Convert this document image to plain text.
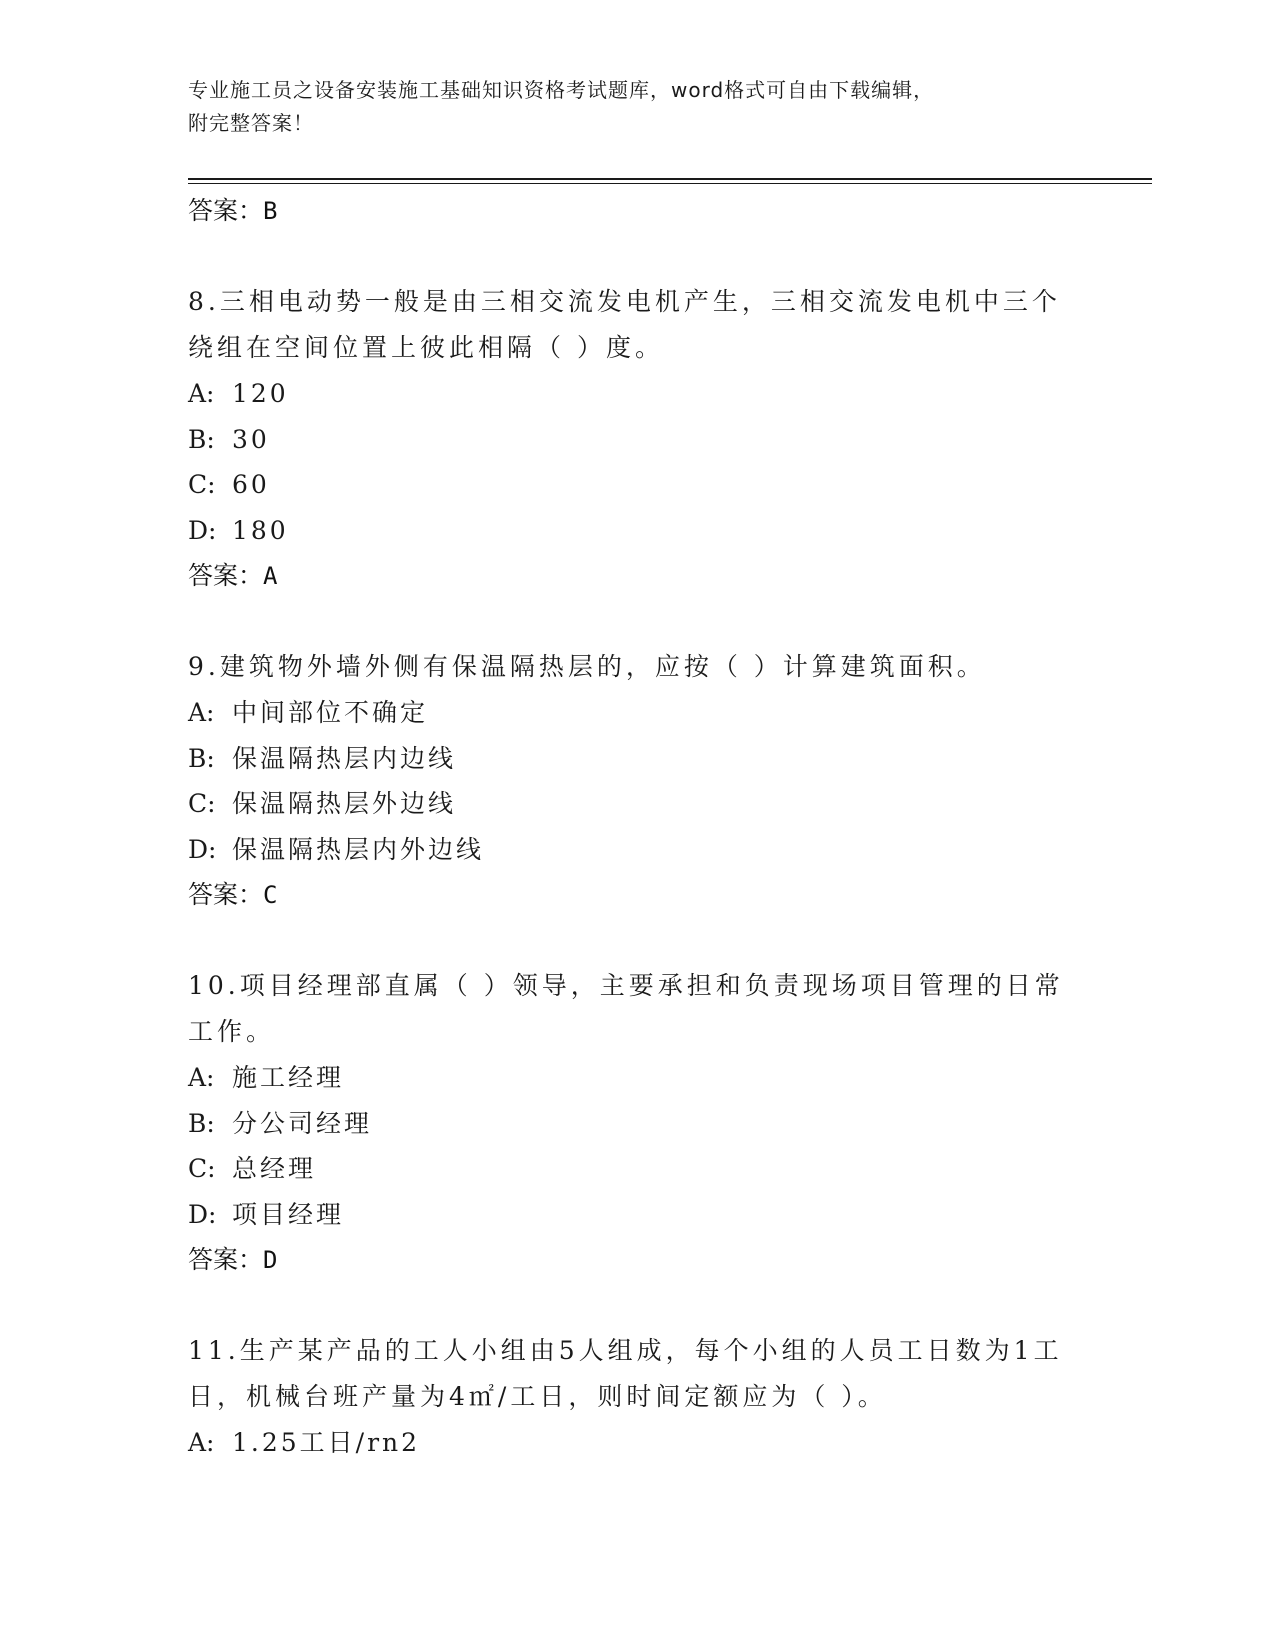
专业施工员之设备安装施工基础知识资格考试题库，word格式可自由下载编辑，
附完整答案！
答案：B
8.三相电动势一般是由三相交流发电机产生，三相交流发电机中三个
绕组在空间位置上彼此相隔（ ）度。
A: 120
B: 30
C: 60
D: 180
答案：A
9.建筑物外墙外侧有保温隔热层的，应按（ ）计算建筑面积。
A: 中间部位不确定
B: 保温隔热层内边线
C: 保温隔热层外边线
D: 保温隔热层内外边线
答案：C
10.项目经理部直属（ ）领导，主要承担和负责现场项目管理的日常
工作。
A: 施工经理
B: 分公司经理
C: 总经理
D: 项目经理
答案：D
11.生产某产品的工人小组由5人组成，每个小组的人员工日数为1工
日，机械台班产量为4㎡/工日，则时间定额应为（ ）。
A: 1.25工日/rn2
